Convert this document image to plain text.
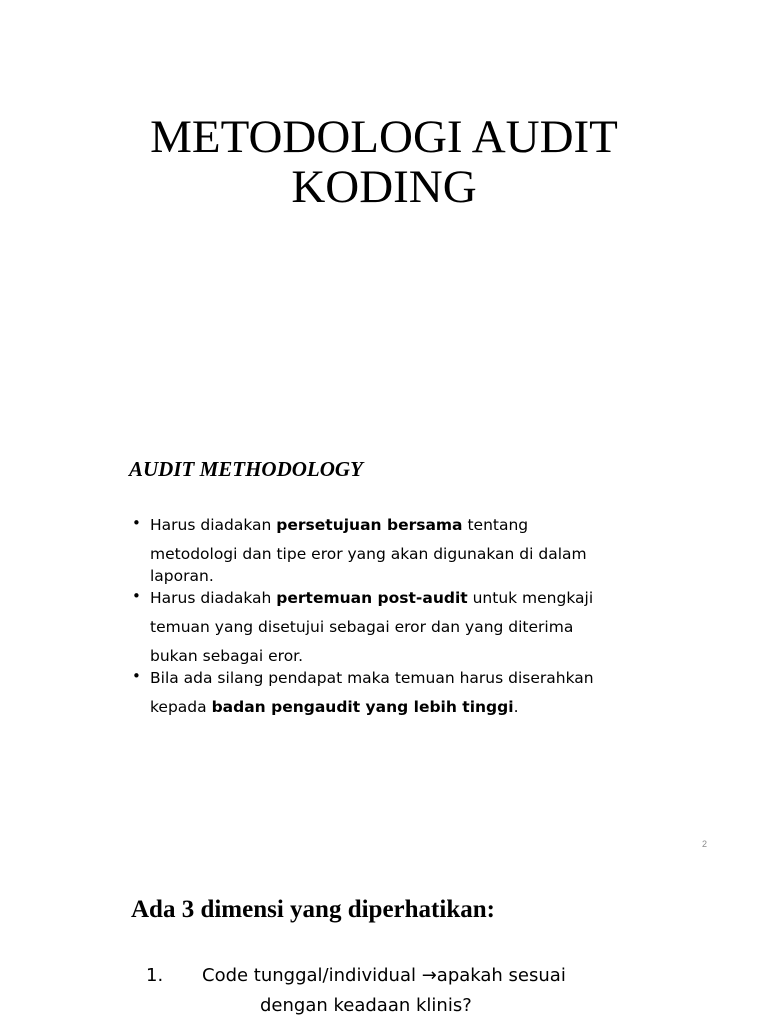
METODOLOGI AUDIT
KODING
AUDIT METHODOLOGY
• Harus diadakan persetujuan bersama tentang
metodologi dan tipe eror yang akan digunakan di dalam
laporan.
• Harus diadakah pertemuan post-audit untuk mengkaji
temuan yang disetujui sebagai eror dan yang diterima
bukan sebagai eror.
• Bila ada silang pendapat maka temuan harus diserahkan
kepada badan pengaudit yang lebih tinggi.
2
Ada 3 dimensi yang diperhatikan:
1. Code tunggal/individual →apakah sesuai
dengan keadaan klinis?
